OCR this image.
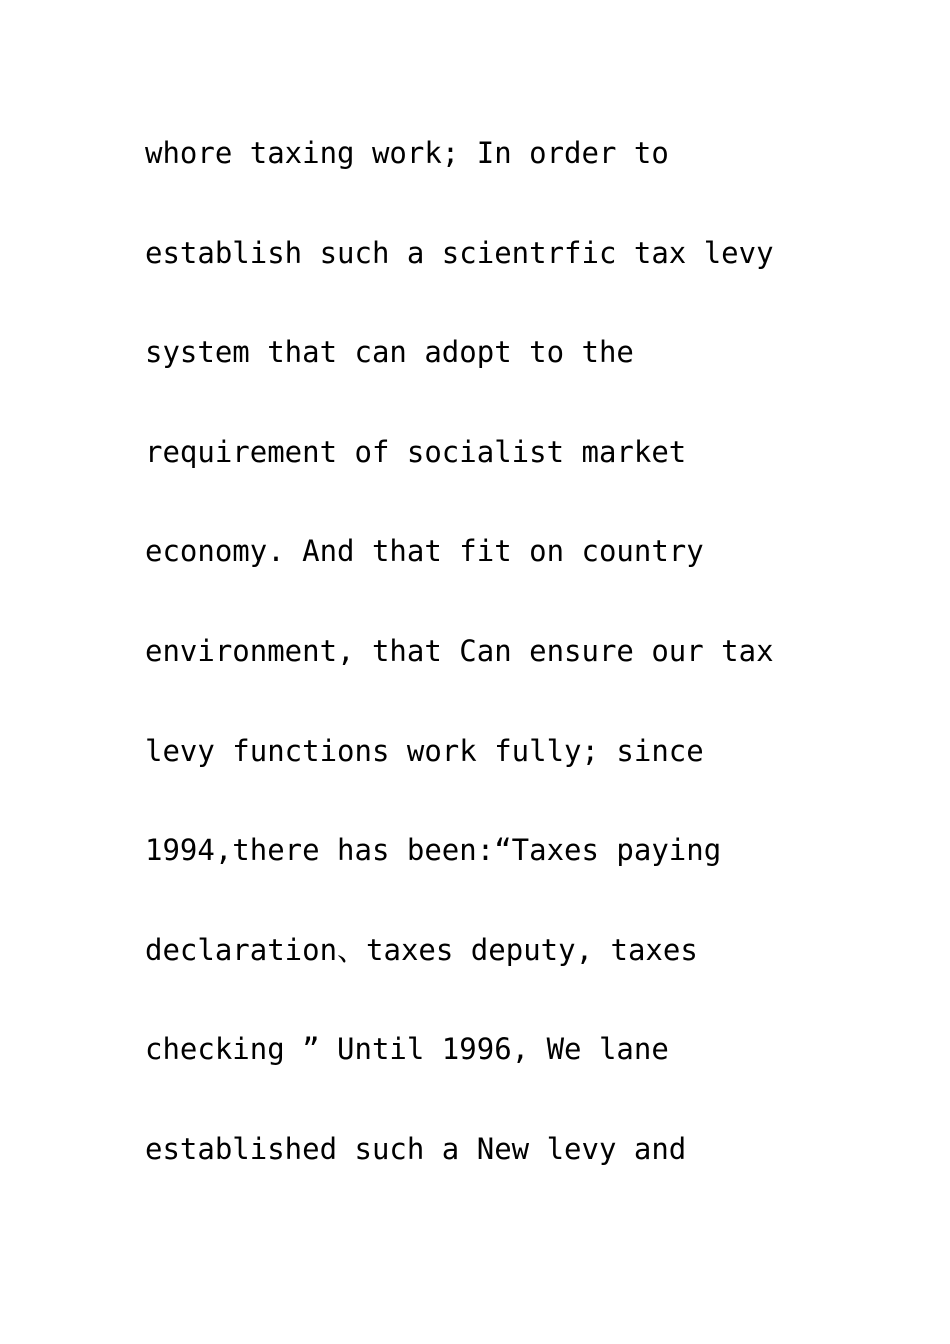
whore taxing work; In order to
establish such a scientrfic tax levy
system that can adopt to the
requirement of socialist market
economy. And that fit on country
environment, that Can ensure our tax
levy functions work fully; since
1994,there has been:“Taxes paying
declaration、taxes deputy, taxes
checking ” Until 1996, We lane
established such a New levy and
